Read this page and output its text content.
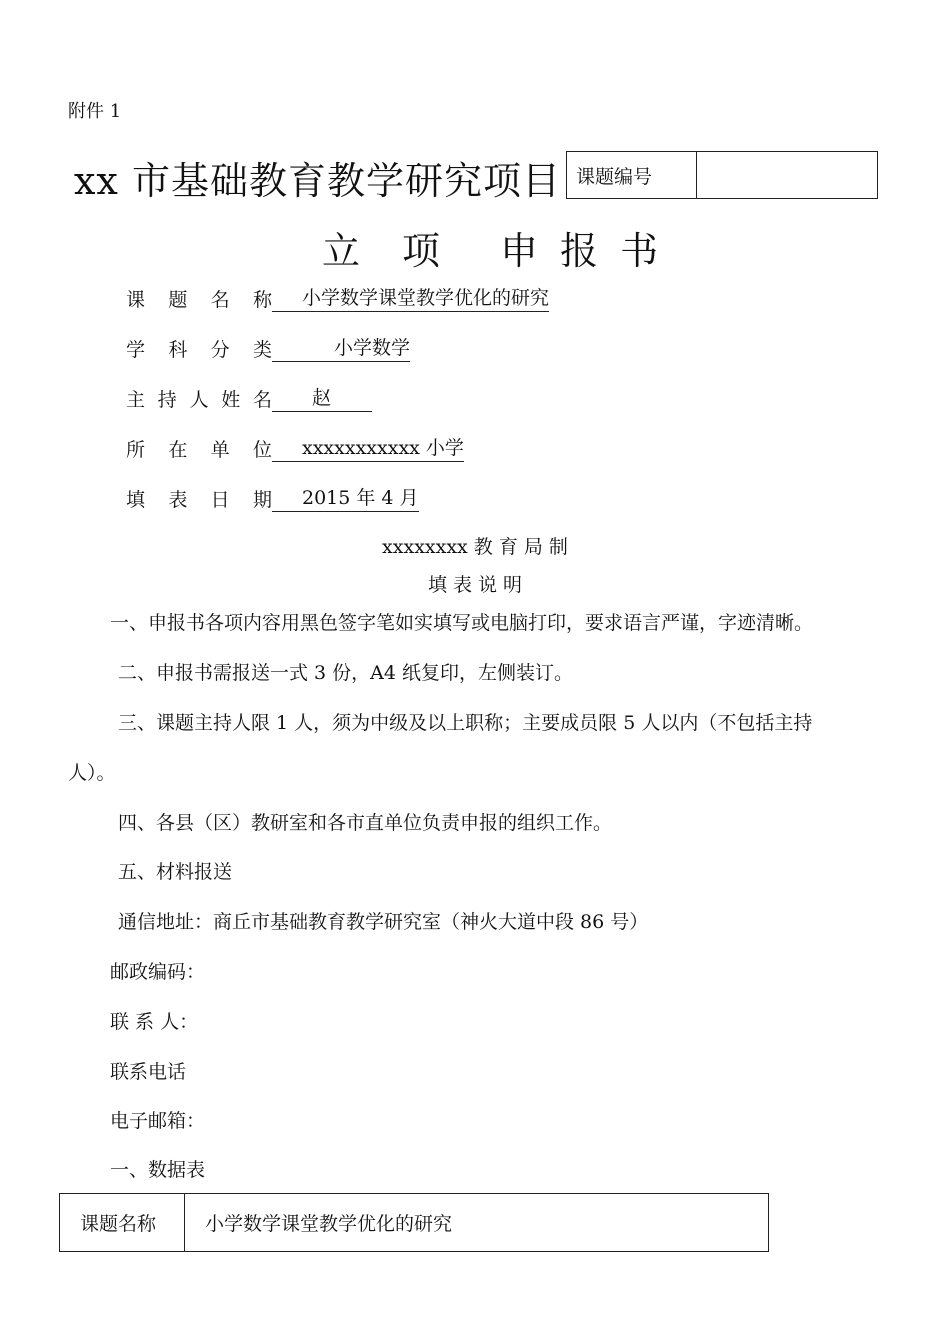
附件 1
xx 市基础教育教学研究项目 课题编号
立 项 申 报 书
课 题 名 称	小学数学课堂教学优化的研究
学 科 分 类	小学数学
主 持 人 姓 名	赵
所 在 单 位	xxxxxxxxxxx 小学
填 表 日 期	2015 年 4 月
xxxxxxxx 教 育 局 制
填 表 说 明
一、申报书各项内容用黑色签字笔如实填写或电脑打印，要求语言严谨，字迹清晰。
二、申报书需报送一式 3 份，A4 纸复印，左侧装订。
三、课题主持人限 1 人，须为中级及以上职称；主要成员限 5 人以内（不包括主持
人）。
四、各县（区）教研室和各市直单位负责申报的组织工作。
五、材料报送
通信地址：商丘市基础教育教学研究室（神火大道中段 86 号）
邮政编码：
联 系 人：
联系电话
电子邮箱：
一、数据表
课题名称	小学数学课堂教学优化的研究
